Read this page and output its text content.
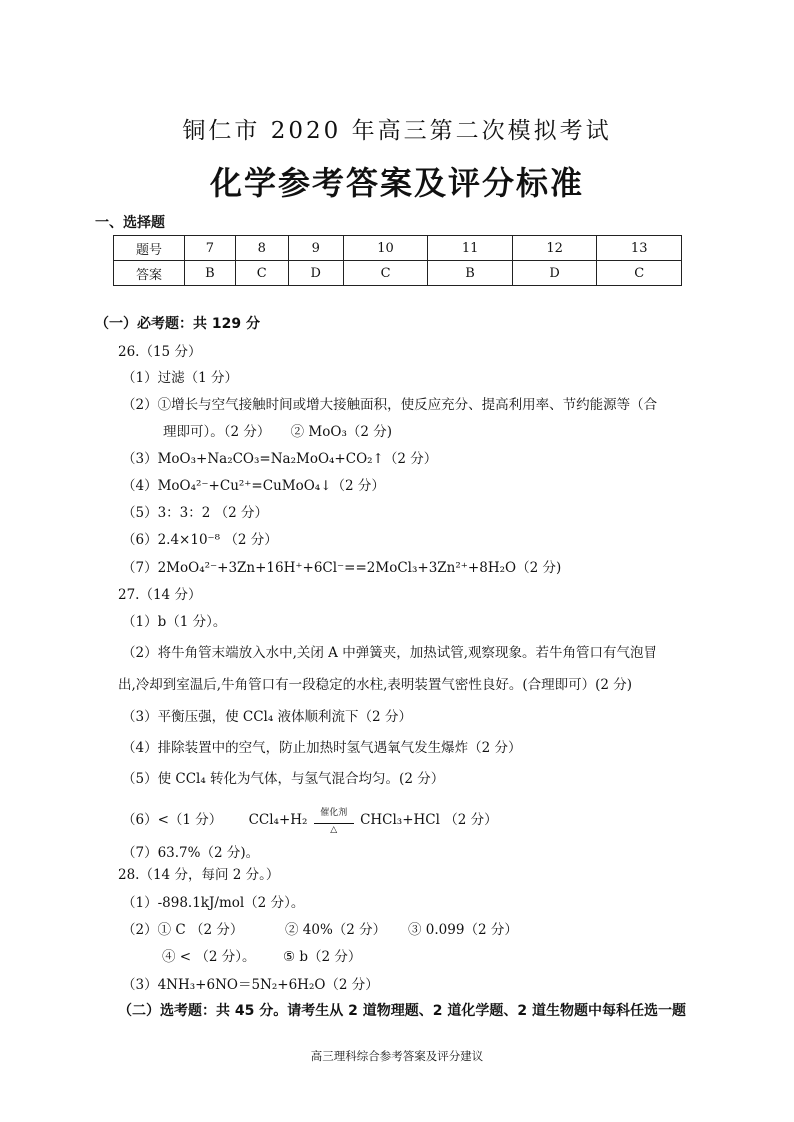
铜仁市 2020 年高三第二次模拟考试
化学参考答案及评分标准
一、选择题
题号	7	8	9	10	11	12	13
答案	B	C	D	C	B	D	C
（一）必考题：共 129 分
26.（15 分）
（1）过滤（1 分）
（2）①增长与空气接触时间或增大接触面积，使反应充分、提高利用率、节约能源等（合
理即可）。（2 分）　　② MoO₃（2 分)
（3）MoO₃+Na₂CO₃=Na₂MoO₄+CO₂↑（2 分）
（4）MoO₄²⁻+Cu²⁺=CuMoO₄↓（2 分）
（5）3：3：2 （2 分）
（6）2.4×10⁻⁸ （2 分）
（7）2MoO₄²⁻+3Zn+16H⁺+6Cl⁻==2MoCl₃+3Zn²⁺+8H₂O（2 分)
27.（14 分）
（1）b（1 分）。
（2）将牛角管末端放入水中,关闭 A 中弹簧夹，加热试管,观察现象。若牛角管口有气泡冒
出,冷却到室温后,牛角管口有一段稳定的水柱,表明装置气密性良好。(合理即可）(2 分)
（3）平衡压强，使 CCl₄ 液体顺利流下（2 分）
（4）排除装置中的空气，防止加热时氢气遇氧气发生爆炸（2 分）
（5）使 CCl₄ 转化为气体，与氢气混合均匀。(2 分）
（6）<（1 分） CCl₄+H₂	催化剂
△
CHCl₃+HCl （2 分）
（7）63.7%（2 分)。
28.（14 分，每问 2 分。）
（1）-898.1kJ/mol（2 分）。
（2）① C （2 分）	② 40%（2 分） ③ 0.099（2 分）
④ < （2 分）。 ⑤ b（2 分）
（3）4NH₃+6NO＝5N₂+6H₂O（2 分）
（二）选考题：共 45 分。请考生从 2 道物理题、2 道化学题、2 道生物题中每科任选一题
高三理科综合参考答案及评分建议
